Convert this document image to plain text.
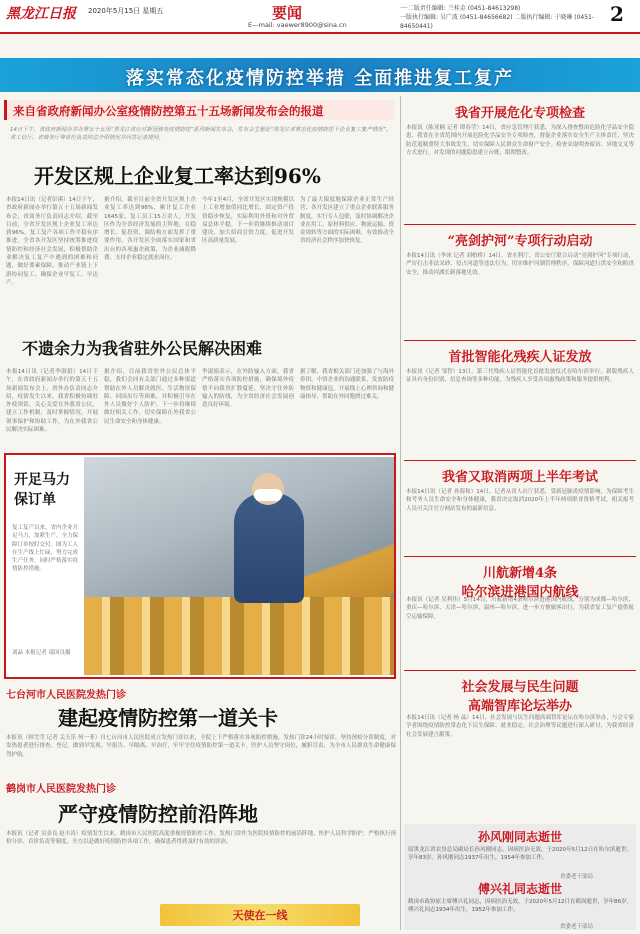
黑龙江日报 2020年5月15日 星期五	要闻
E—mail: vaewer8900@sina.cn
一·二版责任编辑: 兰桂金 (0451-84613298)
一版执行编辑: 吴广波 (0451-84656682) 二版执行编辑: 于晓琳 (0451-84650441)
2
落实常态化疫情防控举措 全面推进复工复产
来自省政府新闻办公室疫情防控第五十五场新闻发布会的报道
14日下午，省政府新闻办举办第五十五场“黑龙江省应对新冠肺炎疫情防控”系列新闻发布会，发布会主题是“黑龙江省常态化疫情防控下企业复工复产情况”。省工信厅、省商务厅等单位负责同志介绍情况并回答记者提问。
开发区规上企业复工率达到96%
本报14日讯（记者彭溪）14日下午，省政府新闻办举行第五十五场新闻发布会，省商务厅负责同志介绍，截至目前，全省开发区规上企业复工率达到96%，复工复产各项工作平稳有序推进。全省各开发区坚持统筹推进疫情防控和经济社会发展，积极帮助企业解决复工复产中遇到的困难和问题，做好要素保障，推动产业链上下游协同复工，确保企业早复工、早达产。
据介绍，截至目前全省开发区规上企业复工率达到96%，累计复工企业1645家，复工员工15万余人。开发区作为全省经济发展的主阵地，在稳增长、促投资、调结构方面发挥了重要作用。各开发区全面落实国家和省出台的各项惠企政策，为企业减税降费，支持企业稳定就业岗位。
今年1至4月，全省开发区实现规模以上工业增加值同比增长，固定资产投资稳步恢复，实际利用外资和对外贸易总体平稳。下一步将继续推动项目建设，加大招商引资力度，促进开发区高质量发展。
为了最大限度地保障企业正常生产经营，各开发区建立了重点企业联系服务制度，实行专人包联，及时协调解决企业在用工、原材料供应、物流运输、资金周转等方面的实际困难，有效推动全省经济社会秩序加快恢复。
不遗余力为我省驻外公民解决困难
本报14日讯（记者李淑娟）14日下午，在省政府新闻办举行的第五十五场新闻发布会上，省外办负责同志介绍，疫情发生以来，我省积极协调驻外使领馆，关心关爱在外我省公民，建立工作机制，及时掌握情况，开展领事保护和协助工作，为在外我省公民解决实际困难。
据介绍，目前我省驻外公民总体平稳，我们会同有关部门通过多种渠道帮助在外人员解决就医、生活物资保障、回国出行等困难，并积极引导在外人员做好个人防护。下一步将继续做好相关工作，切实保障在外我省公民生命安全和身体健康。
李淑娟表示，在外防输入方面，我省严格落实各项防控措施，确保境外疫情不向我省扩散蔓延，坚决守住外防输入的防线，为全省经济社会发展创造良好环境。
据了解，我省相关部门还加强了与海外侨团、中资企业的沟通联系，发放防疫物资和健康包，开展线上心理咨询和健康指导，帮助在外同胞渡过难关。
开足马力
保订单
复工复产以来，省内企业开足马力，加紧生产，全力保障订单按时交付。图为工人在生产线上忙碌，努力完成生产任务，同时严格落实疫情防控措施。
刘晶 本报记者 邵国良摄
七台河市人民医院发热门诊
建起疫情防控第一道关卡
本报讯（韩雪莹 记者 关天乐 何一菲）自七台河市人民医院成立发热门诊以来，全院上下严格落实各项防控措施，发热门诊24小时接诊，坚持预检分诊制度，对发热患者进行排查、登记，做到早发现、早报告、早隔离、早治疗，牢牢守住疫情防控第一道关卡。医护人员坚守岗位，履职尽责，为全市人民群众生命健康保驾护航。
鹤岗市人民医院发热门诊
严守疫情防控前沿阵地
本报讯（记者 吴金良 赵丰涛）疫情发生以来，鹤岗市人民医院高度重视疫情防控工作，发热门诊作为医院疫情防控的前沿阵地，医护人员科学防护，严格执行预检分诊、首诊负责等制度，全力以赴做好疫情防控各项工作，确保患者得到及时有效的诊治。
天使在一线
我省开展危化专项检查
本报讯（陈亚楠 记者 谭春莹）14日，省应急管理厅获悉，为深入排查整治危险化学品安全隐患，我省在全省范围内开展危险化学品安全专项检查，督促企业落实安全生产主体责任，坚决防范遏制重特大事故发生，切实保障人民群众生命财产安全。检查采取明查暗访、异地交叉等方式进行，对发现的问题隐患建立台账，限期整改。
“亮剑护河”专项行动启动
本报14日讯（李冰 记者 刘柏桥）14日，省水利厅、省公安厅联合启动“亮剑护河”专项行动，严厉打击非法采砂、侵占河道等违法行为，切实维护河湖管理秩序，保障河道行洪安全和防洪安全，推动河湖长制落地见效。
首批智能化残疾人证发放
本报讯（记者 邹智）13日，第三代残疾人证智能化首批发放仪式在哈尔滨举行。新版残疾人证具有身份识别、信息查询等多种功能，为残疾人享受各项惠残政策和服务提供便利。
我省又取消两项上半年考试
本报14日讯（记者 孙海和）14日，记者从省人社厅获悉，受新冠肺炎疫情影响，为保障考生和考务人员生命安全和身体健康，我省决定取消2020年上半年两项职业资格考试，相关报考人员可关注官方网站发布的最新信息。
川航新增4条
哈尔滨进港国内航线
本报讯（记者 吴利伟）5月14日，川航新增4条哈尔滨进港国内航线，分别为成都—哈尔滨、重庆—哈尔滨、天津—哈尔滨、温州—哈尔滨，进一步方便旅客出行，为我省复工复产提供航空运输保障。
社会发展与民生问题
高端智库论坛举办
本报14日讯（记者 杨 晶）14日，社会发展与民生问题高端智库论坛在哈尔滨举办，与会专家学者围绕疫情防控常态化下民生保障、就业稳定、社会治理等议题进行深入研讨，为我省经济社会发展建言献策。
孙风刚同志逝世
原黑龙江省农垦总局副局长孙风刚同志，因病医治无效，于2020年5月12日在哈尔滨逝世，享年83岁。孙风刚同志1937年出生，1954年参加工作。
省委老干部局
傅兴礼同志逝世
鹤岗市政协原主席傅兴礼同志，因病医治无效，于2020年5月12日在鹤岗逝世，享年86岁。傅兴礼同志1934年出生，1952年参加工作。
省委老干部局
